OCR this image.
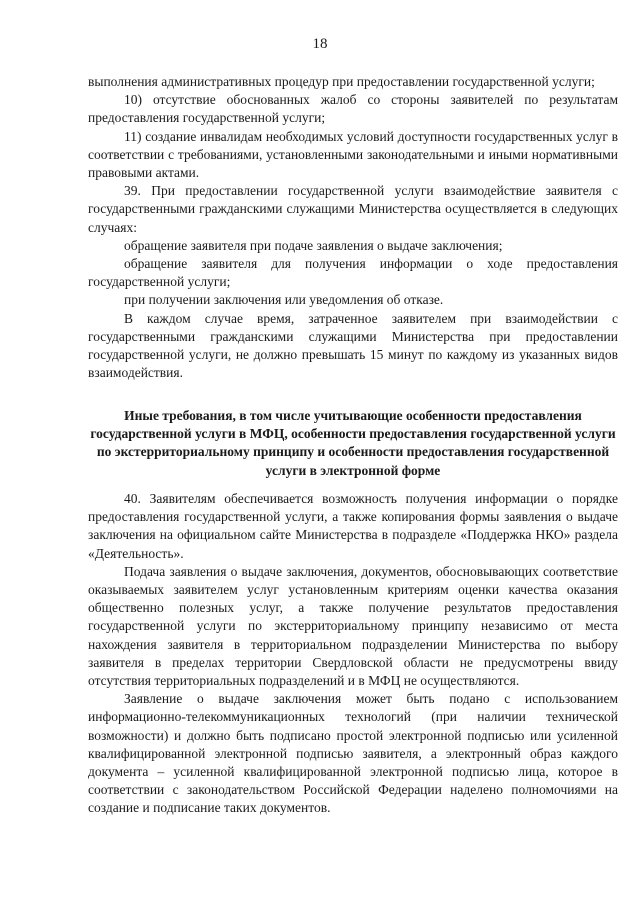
18

выполнения административных процедур при предоставлении государственной услуги;

10) отсутствие обоснованных жалоб со стороны заявителей по результатам предоставления государственной услуги;

11) создание инвалидам необходимых условий доступности государственных услуг в соответствии с требованиями, установленными законодательными и иными нормативными правовыми актами.

39. При предоставлении государственной услуги взаимодействие заявителя с государственными гражданскими служащими Министерства осуществляется в следующих случаях:

обращение заявителя при подаче заявления о выдаче заключения;

обращение заявителя для получения информации о ходе предоставления государственной услуги;

при получении заключения или уведомления об отказе.

В каждом случае время, затраченное заявителем при взаимодействии с государственными гражданскими служащими Министерства при предоставлении государственной услуги, не должно превышать 15 минут по каждому из указанных видов взаимодействия.

Иные требования, в том числе учитывающие особенности предоставления государственной услуги в МФЦ, особенности предоставления государственной услуги по экстерриториальному принципу и особенности предоставления государственной услуги в электронной форме

40. Заявителям обеспечивается возможность получения информации о порядке предоставления государственной услуги, а также копирования формы заявления о выдаче заключения на официальном сайте Министерства в подразделе «Поддержка НКО» раздела «Деятельность».

Подача заявления о выдаче заключения, документов, обосновывающих соответствие оказываемых заявителем услуг установленным критериям оценки качества оказания общественно полезных услуг, а также получение результатов предоставления государственной услуги по экстерриториальному принципу независимо от места нахождения заявителя в территориальном подразделении Министерства по выбору заявителя в пределах территории Свердловской области не предусмотрены ввиду отсутствия территориальных подразделений и в МФЦ не осуществляются.

Заявление о выдаче заключения может быть подано с использованием информационно-телекоммуникационных технологий (при наличии технической возможности) и должно быть подписано простой электронной подписью или усиленной квалифицированной электронной подписью заявителя, а электронный образ каждого документа – усиленной квалифицированной электронной подписью лица, которое в соответствии с законодательством Российской Федерации наделено полномочиями на создание и подписание таких документов.
